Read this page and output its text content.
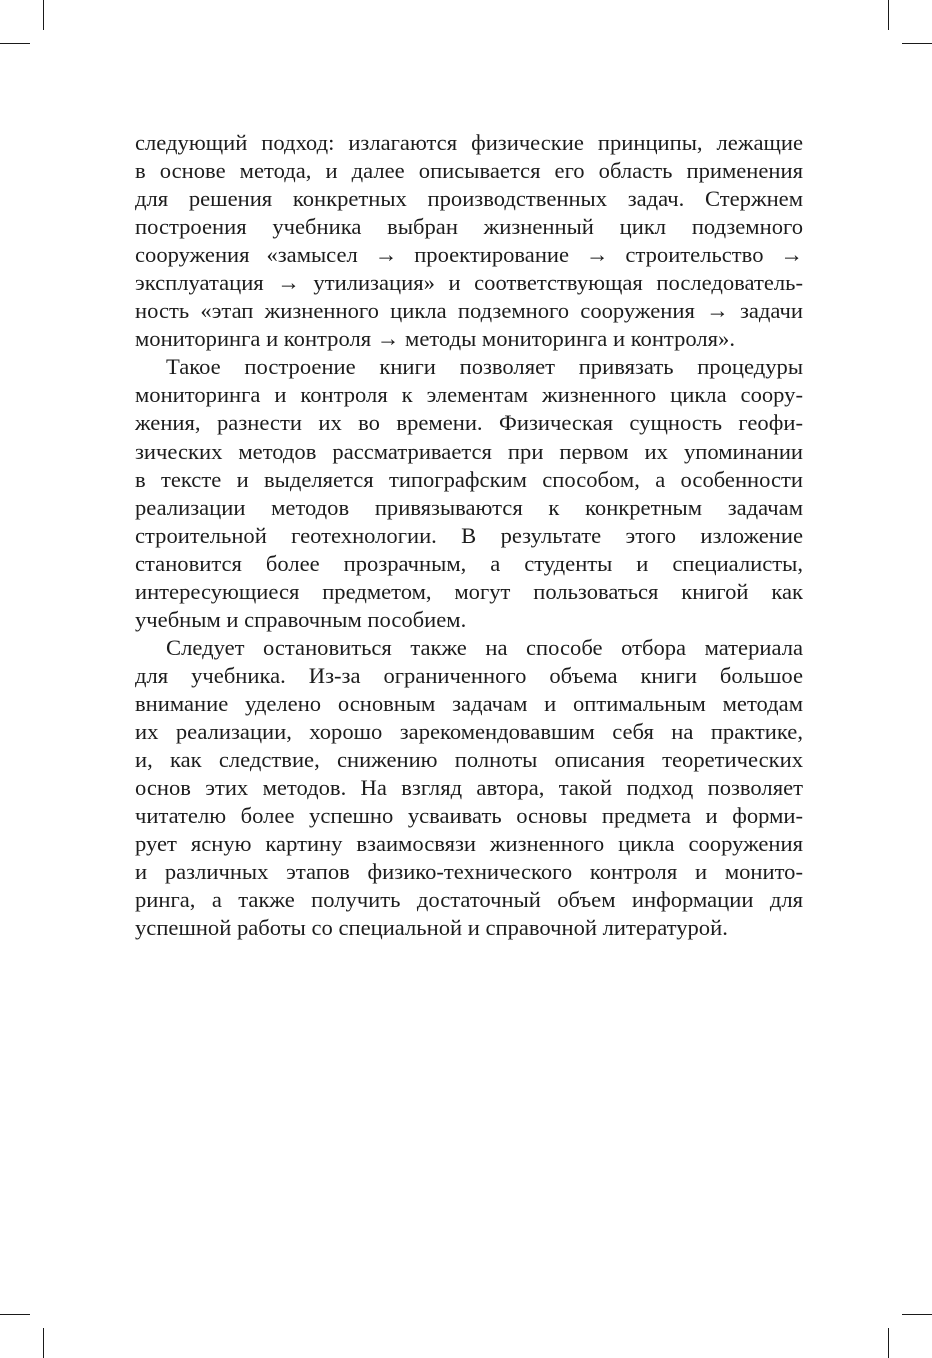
следующий подход: излагаются физические принципы, лежащие
в основе метода, и далее описывается его область применения
для решения конкретных производственных задач. Стержнем
построения учебника выбран жизненный цикл подземного
сооружения «замысел → проектирование → строительство →
эксплуатация → утилизация» и соответствующая последователь-
ность «этап жизненного цикла подземного сооружения → задачи
мониторинга и контроля → методы мониторинга и контроля».

Такое построение книги позволяет привязать процедуры
мониторинга и контроля к элементам жизненного цикла соору-
жения, разнести их во времени. Физическая сущность геофи-
зических методов рассматривается при первом их упоминании
в тексте и выделяется типографским способом, а особенности
реализации методов привязываются к конкретным задачам
строительной геотехнологии. В результате этого изложение
становится более прозрачным, а студенты и специалисты,
интересующиеся предметом, могут пользоваться книгой как
учебным и справочным пособием.

Следует остановиться также на способе отбора материала
для учебника. Из-за ограниченного объема книги большое
внимание уделено основным задачам и оптимальным методам
их реализации, хорошо зарекомендовавшим себя на практике,
и, как следствие, снижению полноты описания теоретических
основ этих методов. На взгляд автора, такой подход позволяет
читателю более успешно усваивать основы предмета и форми-
рует ясную картину взаимосвязи жизненного цикла сооружения
и различных этапов физико-технического контроля и монито-
ринга, а также получить достаточный объем информации для
успешной работы со специальной и справочной литературой.
